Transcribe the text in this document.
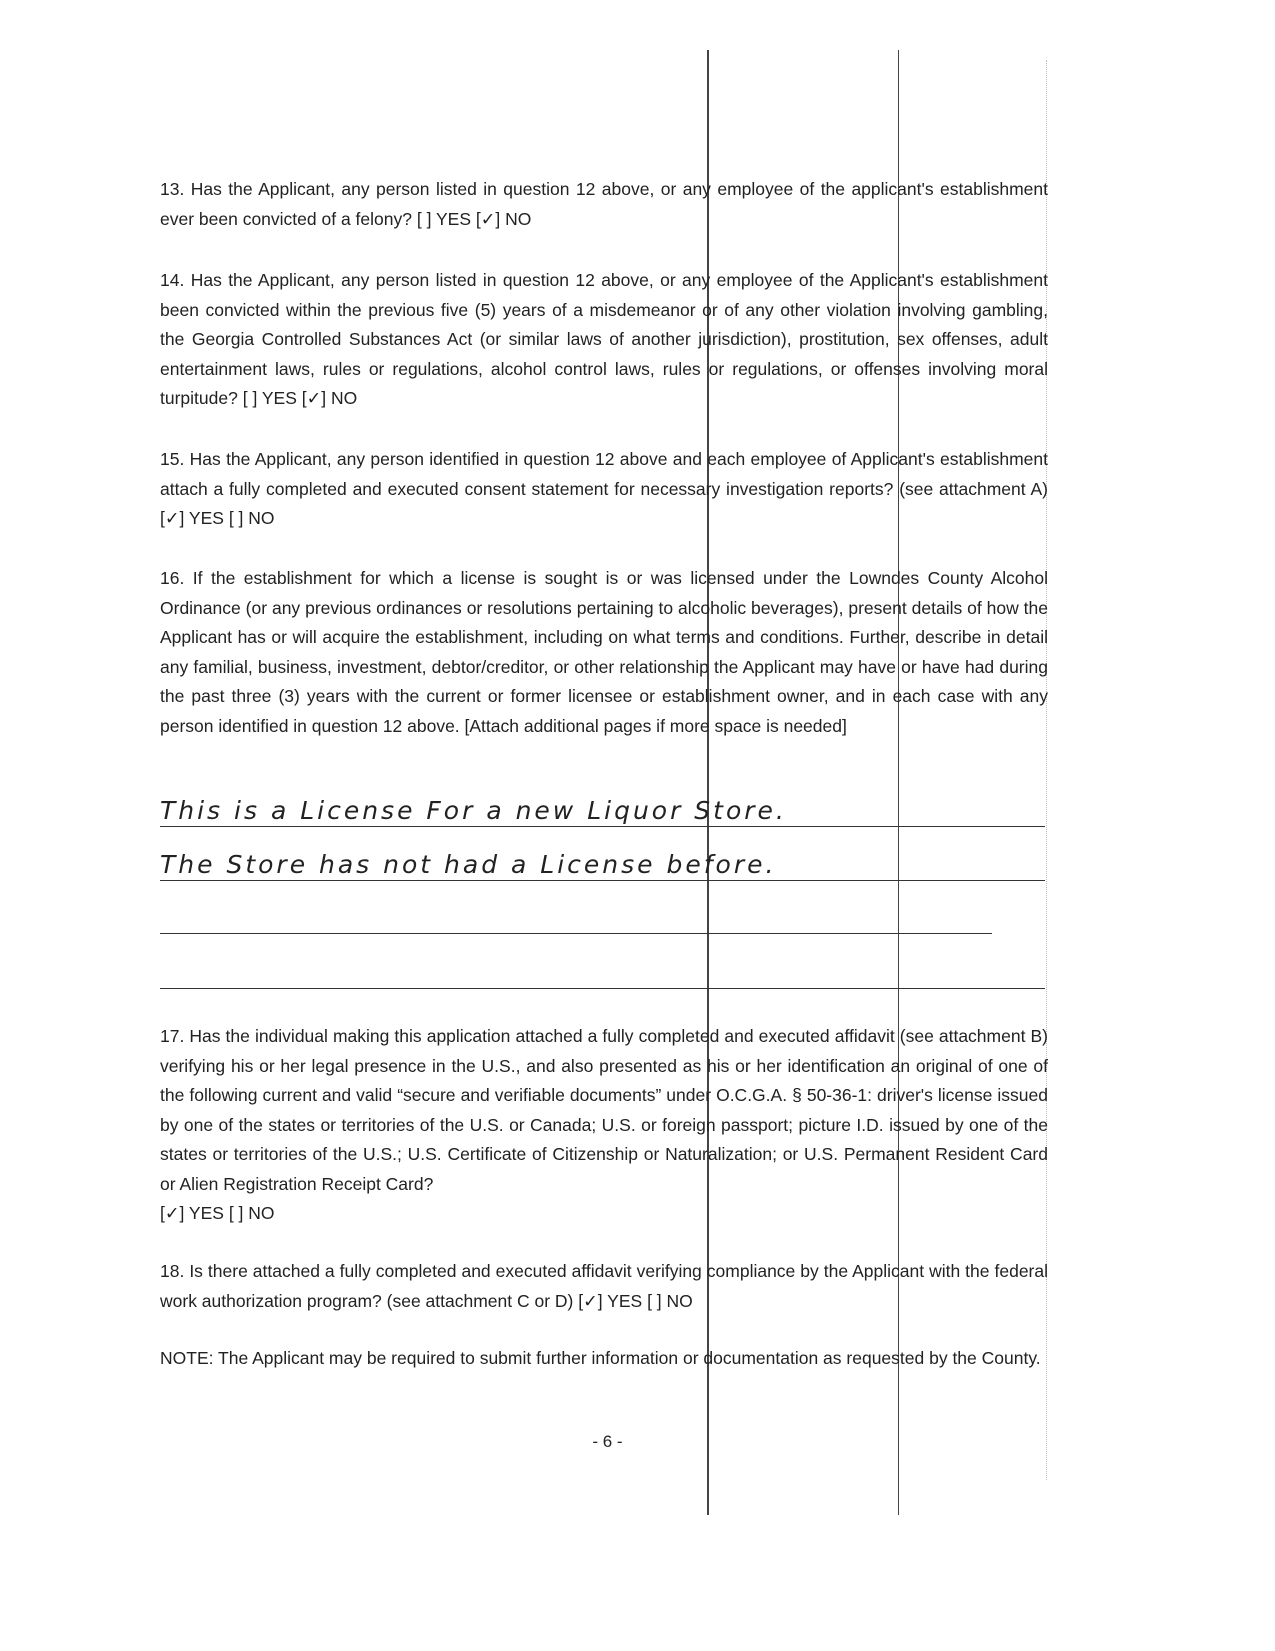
13. Has the Applicant, any person listed in question 12 above, or any employee of the applicant's establishment ever been convicted of a felony? [ ] YES [✓] NO
14. Has the Applicant, any person listed in question 12 above, or any employee of the Applicant's establishment been convicted within the previous five (5) years of a misdemeanor or of any other violation involving gambling, the Georgia Controlled Substances Act (or similar laws of another jurisdiction), prostitution, sex offenses, adult entertainment laws, rules or regulations, alcohol control laws, rules or regulations, or offenses involving moral turpitude? [ ] YES [✓] NO
15. Has the Applicant, any person identified in question 12 above and each employee of Applicant's establishment attach a fully completed and executed consent statement for necessary investigation reports? (see attachment A) [✓] YES [ ] NO
16. If the establishment for which a license is sought is or was licensed under the Lowndes County Alcohol Ordinance (or any previous ordinances or resolutions pertaining to alcoholic beverages), present details of how the Applicant has or will acquire the establishment, including on what terms and conditions. Further, describe in detail any familial, business, investment, debtor/creditor, or other relationship the Applicant may have or have had during the past three (3) years with the current or former licensee or establishment owner, and in each case with any person identified in question 12 above. [Attach additional pages if more space is needed]
This is a License For a new Liquor Store.
The Store has not had a License before.
17. Has the individual making this application attached a fully completed and executed affidavit (see attachment B) verifying his or her legal presence in the U.S., and also presented as his or her identification an original of one of the following current and valid “secure and verifiable documents” under O.C.G.A. § 50-36-1: driver's license issued by one of the states or territories of the U.S. or Canada; U.S. or foreign passport; picture I.D. issued by one of the states or territories of the U.S.; U.S. Certificate of Citizenship or Naturalization; or U.S. Permanent Resident Card or Alien Registration Receipt Card?
[✓] YES [ ] NO
18. Is there attached a fully completed and executed affidavit verifying compliance by the Applicant with the federal work authorization program? (see attachment C or D) [✓] YES [ ] NO
NOTE: The Applicant may be required to submit further information or documentation as requested by the County.
- 6 -
